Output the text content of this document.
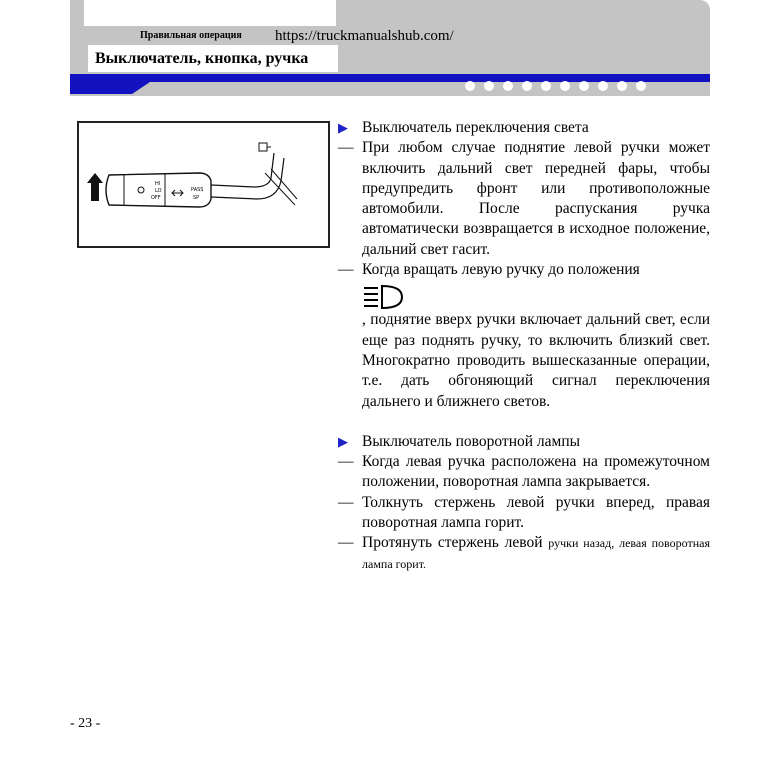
Правильная операция https://truckmanualshub.com/
Выключатель, кнопка, ручка
HI
LO
OFF
PASS
SP
▶ Выключатель переключения света
— При любом случае поднятие левой ручки может включить дальний свет передней фары, чтобы предупредить фронт или противоположные автомобили. После распускания ручка автоматически возвращается в исходное положение, дальний свет гасит.
— Когда вращать левую ручку до положения

, поднятие вверх ручки включает дальний свет, если еще раз поднять ручку, то включить близкий свет. Многократно проводить вышесказанные операции, т.е. дать обгоняющий сигнал переключения дальнего и ближнего светов.
▶ Выключатель поворотной лампы
— Когда левая ручка расположена на промежуточном положении, поворотная лампа закрывается.
— Толкнуть стержень левой ручки вперед, правая поворотная лампа горит.
— Протянуть стержень левой ручки назад, левая поворотная лампа горит.
- 23 -
